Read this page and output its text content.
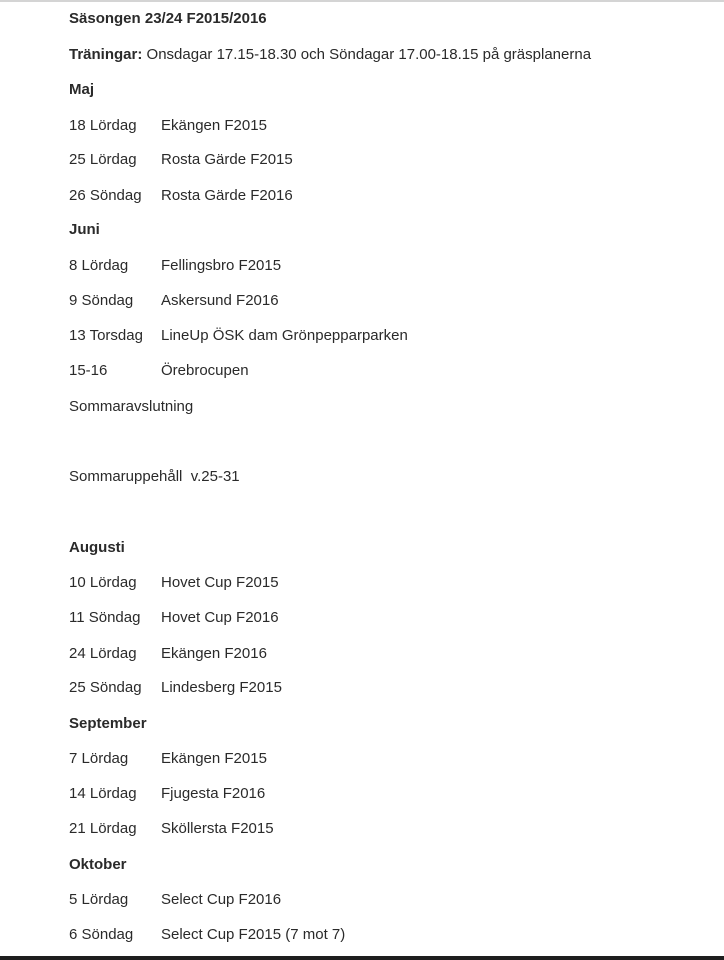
Säsongen 23/24 F2015/2016
Träningar: Onsdagar 17.15-18.30 och Söndagar 17.00-18.15 på gräsplanerna
Maj
18 Lördag Ekängen F2015
25 Lördag Rosta Gärde F2015
26 Söndag Rosta Gärde F2016
Juni
8 Lördag Fellingsbro F2015
9 Söndag Askersund F2016
13 Torsdag LineUp ÖSK dam Grönpepparparken
15-16	Örebrocupen
Sommaravslutning
Sommaruppehåll  v.25-31
Augusti
10 Lördag Hovet Cup F2015
11 Söndag Hovet Cup F2016
24 Lördag Ekängen F2016
25 Söndag Lindesberg F2015
September
7 Lördag Ekängen F2015
14 Lördag Fjugesta F2016
21 Lördag Sköllersta F2015
Oktober
5 Lördag Select Cup F2016
6 Söndag Select Cup F2015 (7 mot 7)
